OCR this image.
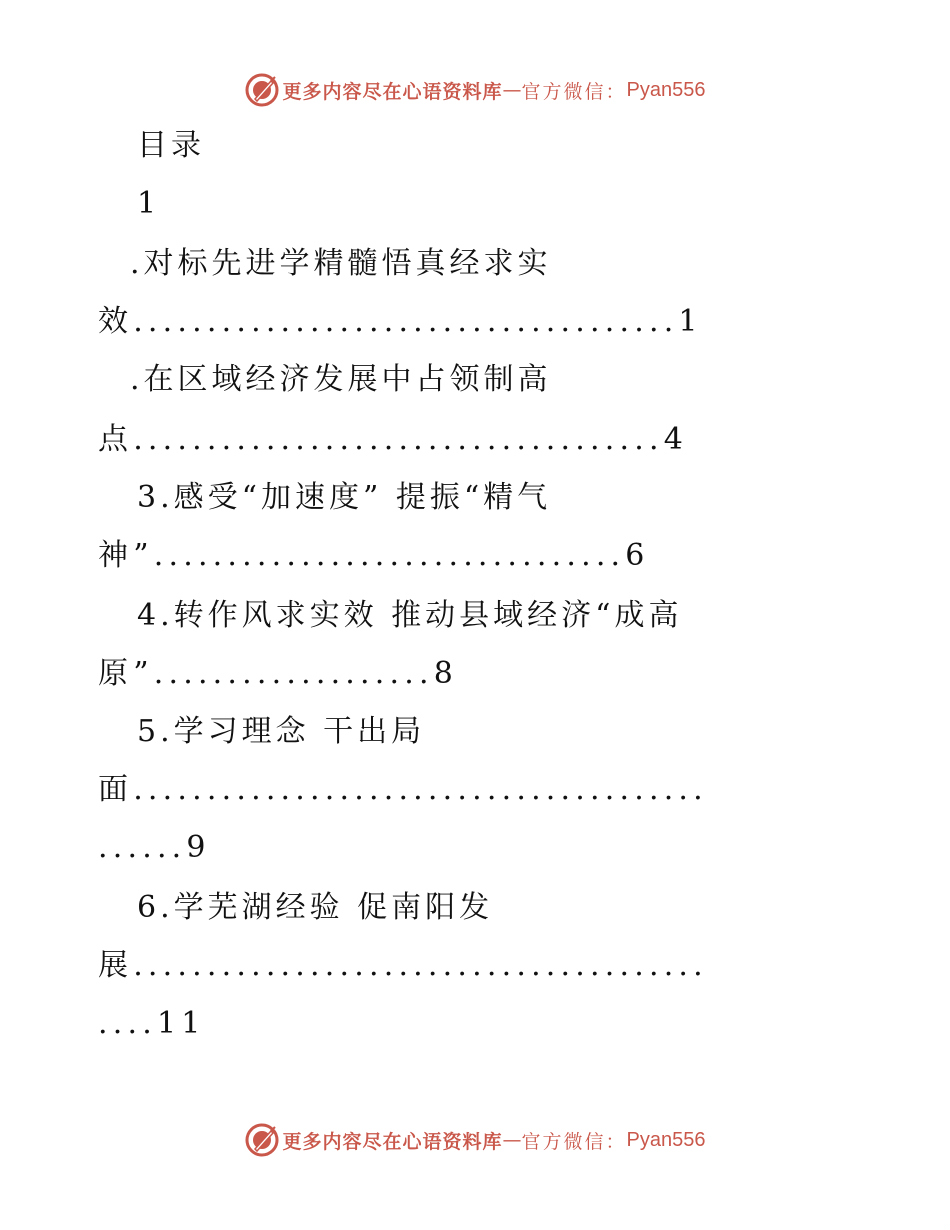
更多内容尽在心语资料库 — 官方微信： Pyan556
目录
1
.对标先进学精髓悟真经求实
效.....................................1
.在区域经济发展中占领制高
点....................................4
3.感受“加速度” 提振“精气
神”................................6
4.转作风求实效 推动县域经济“成高
原”...................8
5.学习理念 干出局
面.......................................
......9
6.学芜湖经验 促南阳发
展.......................................
....11
更多内容尽在心语资料库 — 官方微信： Pyan556
